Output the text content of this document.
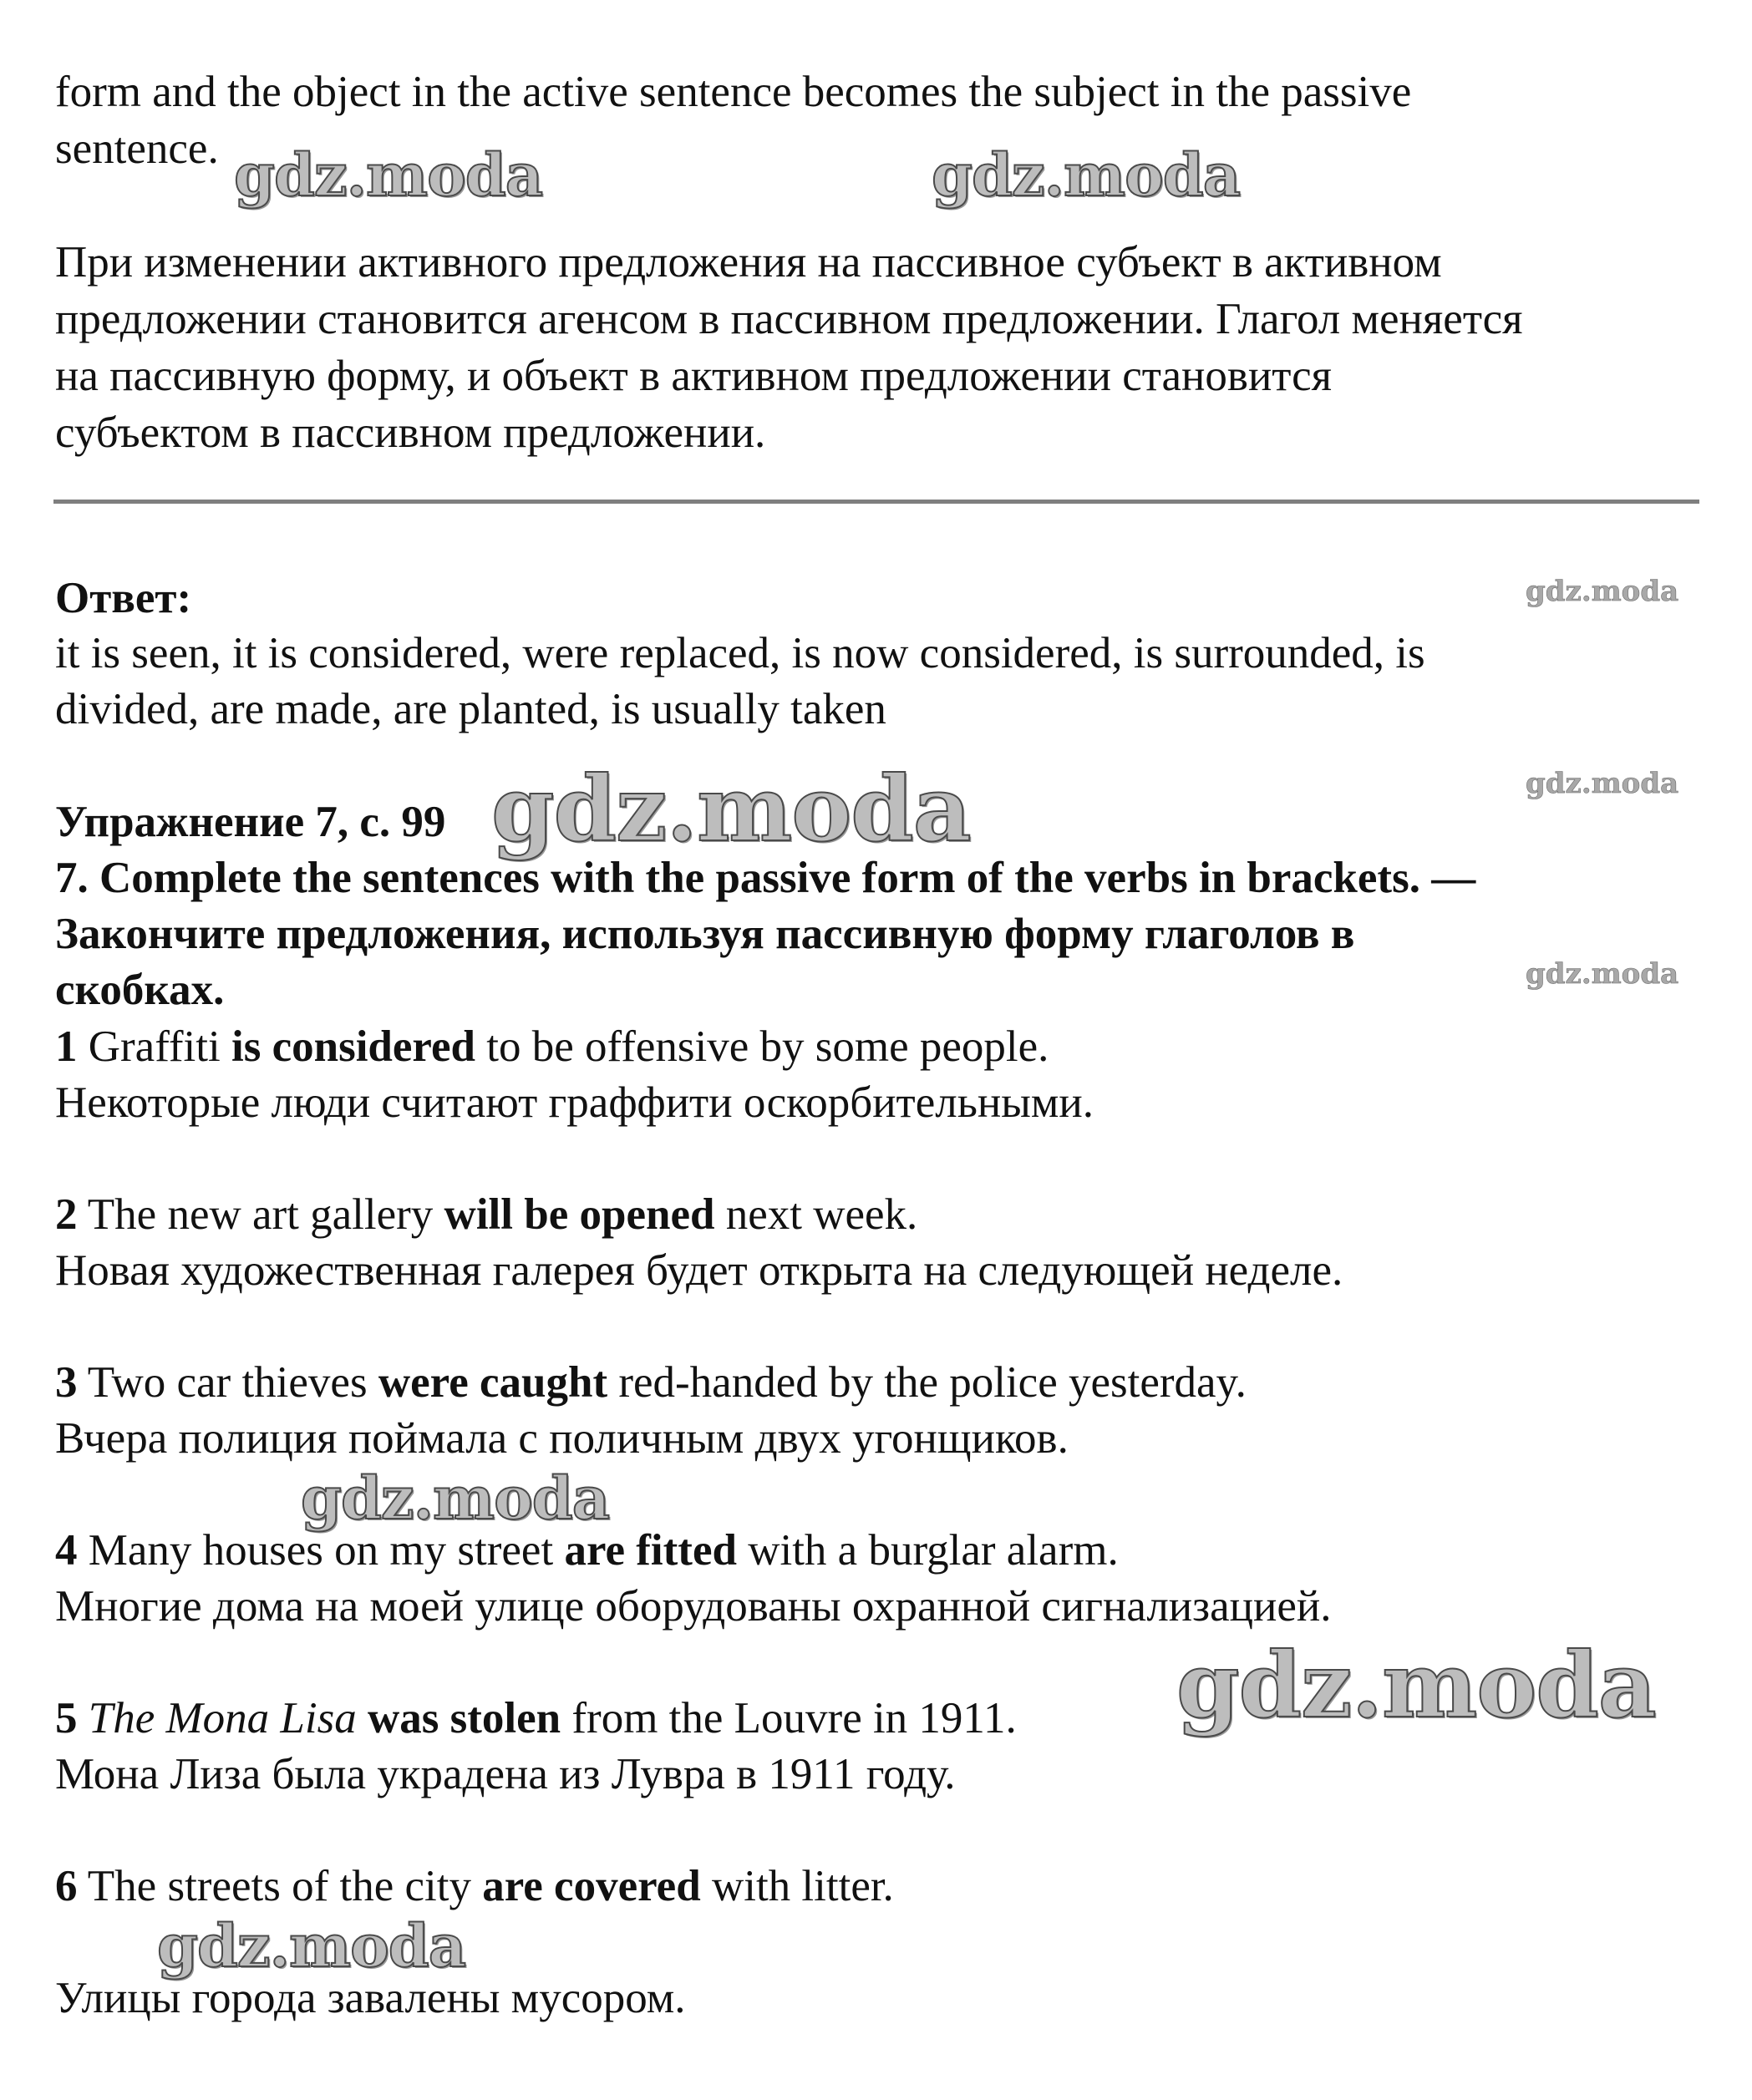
form and the object in the active sentence becomes the subject in the passive
sentence.
При изменении активного предложения на пассивное субъект в активном
предложении становится агенсом в пассивном предложении. Глагол меняется
на пассивную форму, и объект в активном предложении становится
субъектом в пассивном предложении.
Ответ:
it is seen, it is considered, were replaced, is now considered, is surrounded, is
divided, are made, are planted, is usually taken
Упражнение 7, с. 99
7. Complete the sentences with the passive form of the verbs in brackets. —
Закончите предложения, используя пассивную форму глаголов в
скобках.
1 Graffiti is considered to be offensive by some people.
Некоторые люди считают граффити оскорбительными.
2 The new art gallery will be opened next week.
Новая художественная галерея будет открыта на следующей неделе.
3 Two car thieves were caught red-handed by the police yesterday.
Вчера полиция поймала с поличным двух угонщиков.
4 Many houses on my street are fitted with a burglar alarm.
Многие дома на моей улице оборудованы охранной сигнализацией.
5 The Mona Lisa was stolen from the Louvre in 1911.
Мона Лиза была украдена из Лувра в 1911 году.
6 The streets of the city are covered with litter.
Улицы города завалены мусором.
gdz.moda	gdz.moda
gdz.moda
gdz.moda	gdz.moda
gdz.moda
gdz.moda
gdz.moda
gdz.moda
